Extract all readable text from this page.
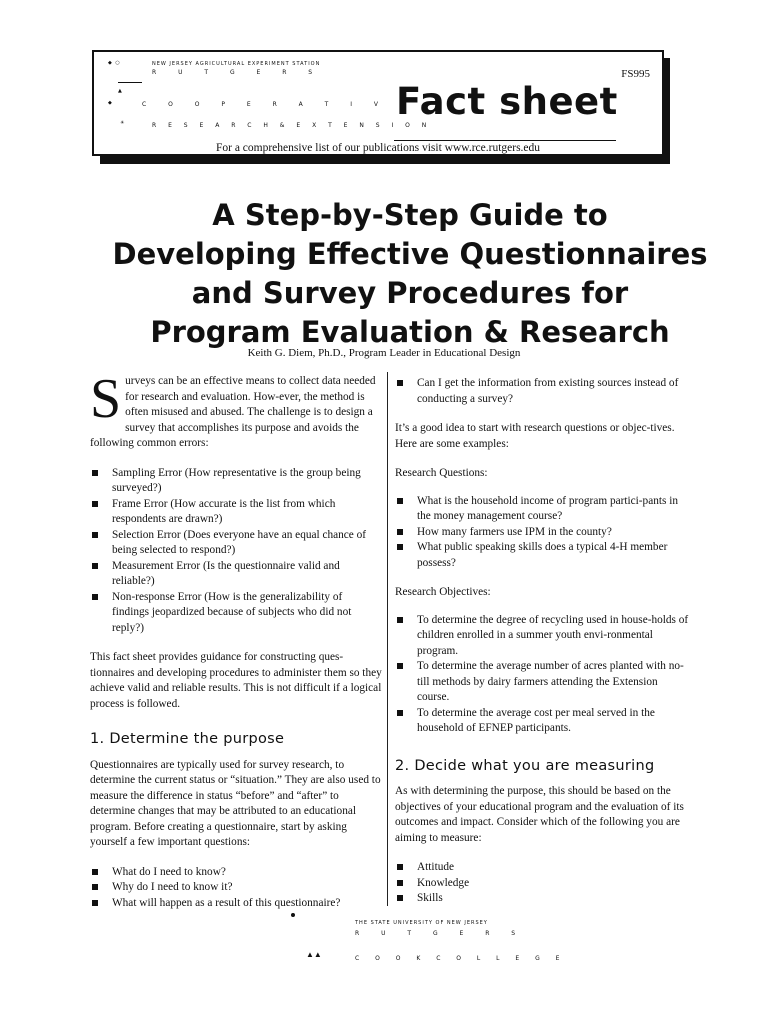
◆ ○	NEW JERSEY AGRICULTURAL EXPERIMENT STATION
R U T G E R S
▲
◆	C O O P E R A T I V E
☀	R E S E A R C H & E X T E N S I O N
FS995
Fact sheet
For a comprehensive list of our publications visit www.rce.rutgers.edu
A Step-by-Step Guide to
Developing Effective Questionnaires
and Survey Procedures for
Program Evaluation & Research
Keith G. Diem, Ph.D., Program Leader in Educational Design

S urveys can be an effective means to collect data needed for research and evaluation. How-ever, the method is often misused and abused. The challenge is to design a survey that accomplishes its purpose and avoids the following common errors:

Sampling Error (How representative is the group being surveyed?)
Frame Error (How accurate is the list from which respondents are drawn?)
Selection Error (Does everyone have an equal chance of being selected to respond?)
Measurement Error (Is the questionnaire valid and reliable?)
Non-response Error (How is the generalizability of findings jeopardized because of subjects who did not reply?)

This fact sheet provides guidance for constructing ques-tionnaires and developing procedures to administer them so they achieve valid and reliable results. This is not difficult if a logical process is followed.

1. Determine the purpose

Questionnaires are typically used for survey research, to determine the current status or “situation.” They are also used to measure the difference in status “before” and “after” to determine changes that may be attributed to an educational program. Before creating a questionnaire, start by asking yourself a few important questions:

What do I need to know?
Why do I need to know it?
What will happen as a result of this questionnaire?
Can I get the information from existing sources instead of conducting a survey?

It’s a good idea to start with research questions or objec-tives. Here are some examples:

Research Questions:

What is the household income of program partici-pants in the money management course?
How many farmers use IPM in the county?
What public speaking skills does a typical 4-H member possess?

Research Objectives:

To determine the degree of recycling used in house-holds of children enrolled in a summer youth envi-ronmental program.
To determine the average number of acres planted with no-till methods by dairy farmers attending the Extension course.
To determine the average cost per meal served in the household of EFNEP participants.
2. Decide what you are measuring

As with determining the purpose, this should be based on the objectives of your educational program and the evaluation of its outcomes and impact. Consider which of the following you are aiming to measure:

Attitude
Knowledge
Skills
THE STATE UNIVERSITY OF NEW JERSEY
R U T G E R S
▲▲	C O O K C O L L E G E
